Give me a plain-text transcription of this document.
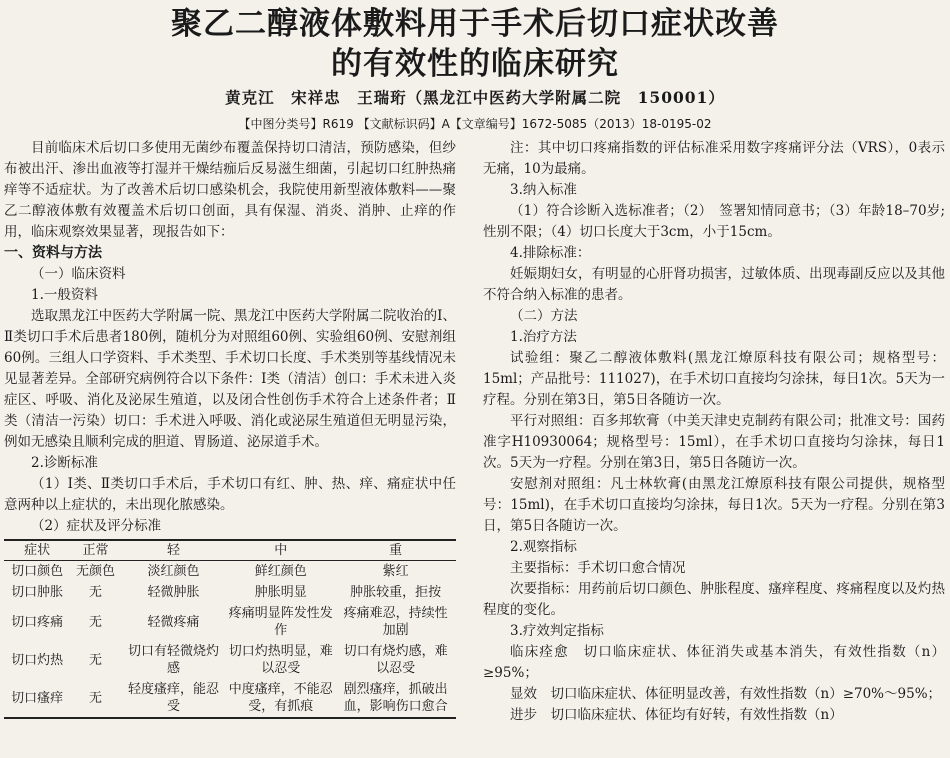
聚乙二醇液体敷料用于手术后切口症状改善
的有效性的临床研究
黄克江　宋祥忠　王瑞珩（黑龙江中医药大学附属二院　150001）
【中图分类号】R619 【文献标识码】A【文章编号】1672-5085（2013）18-0195-02

目前临床术后切口多使用无菌纱布覆盖保持切口清洁，预防感染，但纱布被出汗、渗出血液等打湿并干燥结痂后反易滋生细菌，引起切口红肿热痛痒等不适症状。为了改善术后切口感染机会，我院使用新型液体敷料——聚乙二醇液体敷有效覆盖术后切口创面，具有保湿、消炎、消肿、止痒的作用，临床观察效果显著，现报告如下：

一、资料与方法

（一）临床资料

1.一般资料

选取黑龙江中医药大学附属一院、黑龙江中医药大学附属二院收治的Ⅰ、Ⅱ类切口手术后患者180例，随机分为对照组60例、实验组60例、安慰剂组60例。三组人口学资料、手术类型、手术切口长度、手术类别等基线情况未见显著差异。全部研究病例符合以下条件：Ⅰ类（清洁）创口：手术未进入炎症区、呼吸、消化及泌尿生殖道，以及闭合性创伤手术符合上述条件者；Ⅱ类（清洁一污染）切口：手术进入呼吸、消化或泌尿生殖道但无明显污染，例如无感染且顺利完成的胆道、胃肠道、泌尿道手术。

2.诊断标准

（1）Ⅰ类、Ⅱ类切口手术后，手术切口有红、肿、热、痒、痛症状中任意两种以上症状的，未出现化脓感染。

（2）症状及评分标准

症状	正常	轻	中	重
切口颜色	无颜色	淡红颜色	鲜红颜色	紫红
切口肿胀	无	轻微肿胀	肿胀明显	肿胀较重，拒按
切口疼痛	无	轻微疼痛	疼痛明显阵发性发作	疼痛难忍，持续性加剧
切口灼热	无	切口有轻微烧灼感	切口灼热明显，难以忍受	切口有烧灼感，难以忍受
切口瘙痒	无	轻度瘙痒，能忍受	中度瘙痒，不能忍受，有抓痕	剧烈瘙痒，抓破出血，影响伤口愈合

注：其中切口疼痛指数的评估标准采用数字疼痛评分法（VRS），0表示无痛，10为最痛。

3.纳入标准

（1）符合诊断入选标准者；（2）　签署知情同意书；（3）年龄18–70岁;性别不限；（4）切口长度大于3cm，小于15cm。

4.排除标准：

妊娠期妇女，有明显的心肝肾功损害，过敏体质、出现毒副反应以及其他不符合纳入标准的患者。

（二）方法

1.治疗方法

试验组：聚乙二醇液体敷料(黑龙江燎原科技有限公司；规格型号：15ml；产品批号：111027)，在手术切口直接均匀涂抹，每日1次。5天为一疗程。分别在第3日，第5日各随访一次。

平行对照组：百多邦软膏（中美天津史克制药有限公司；批准文号：国药准字H10930064；规格型号：15ml），在手术切口直接均匀涂抹，每日1次。5天为一疗程。分别在第3日，第5日各随访一次。

安慰剂对照组：凡士林软膏(由黑龙江燎原科技有限公司提供，规格型号：15ml)，在手术切口直接均匀涂抹，每日1次。5天为一疗程。分别在第3日，第5日各随访一次。

2.观察指标

主要指标：手术切口愈合情况

次要指标：用药前后切口颜色、肿胀程度、瘙痒程度、疼痛程度以及灼热程度的变化。

3.疗效判定指标

临床痊愈　切口临床症状、体征消失或基本消失，有效性指数（n）≥95%；

显效　切口临床症状、体征明显改善，有效性指数（n）≥70%～95%；

进步　切口临床症状、体征均有好转，有效性指数（n）
